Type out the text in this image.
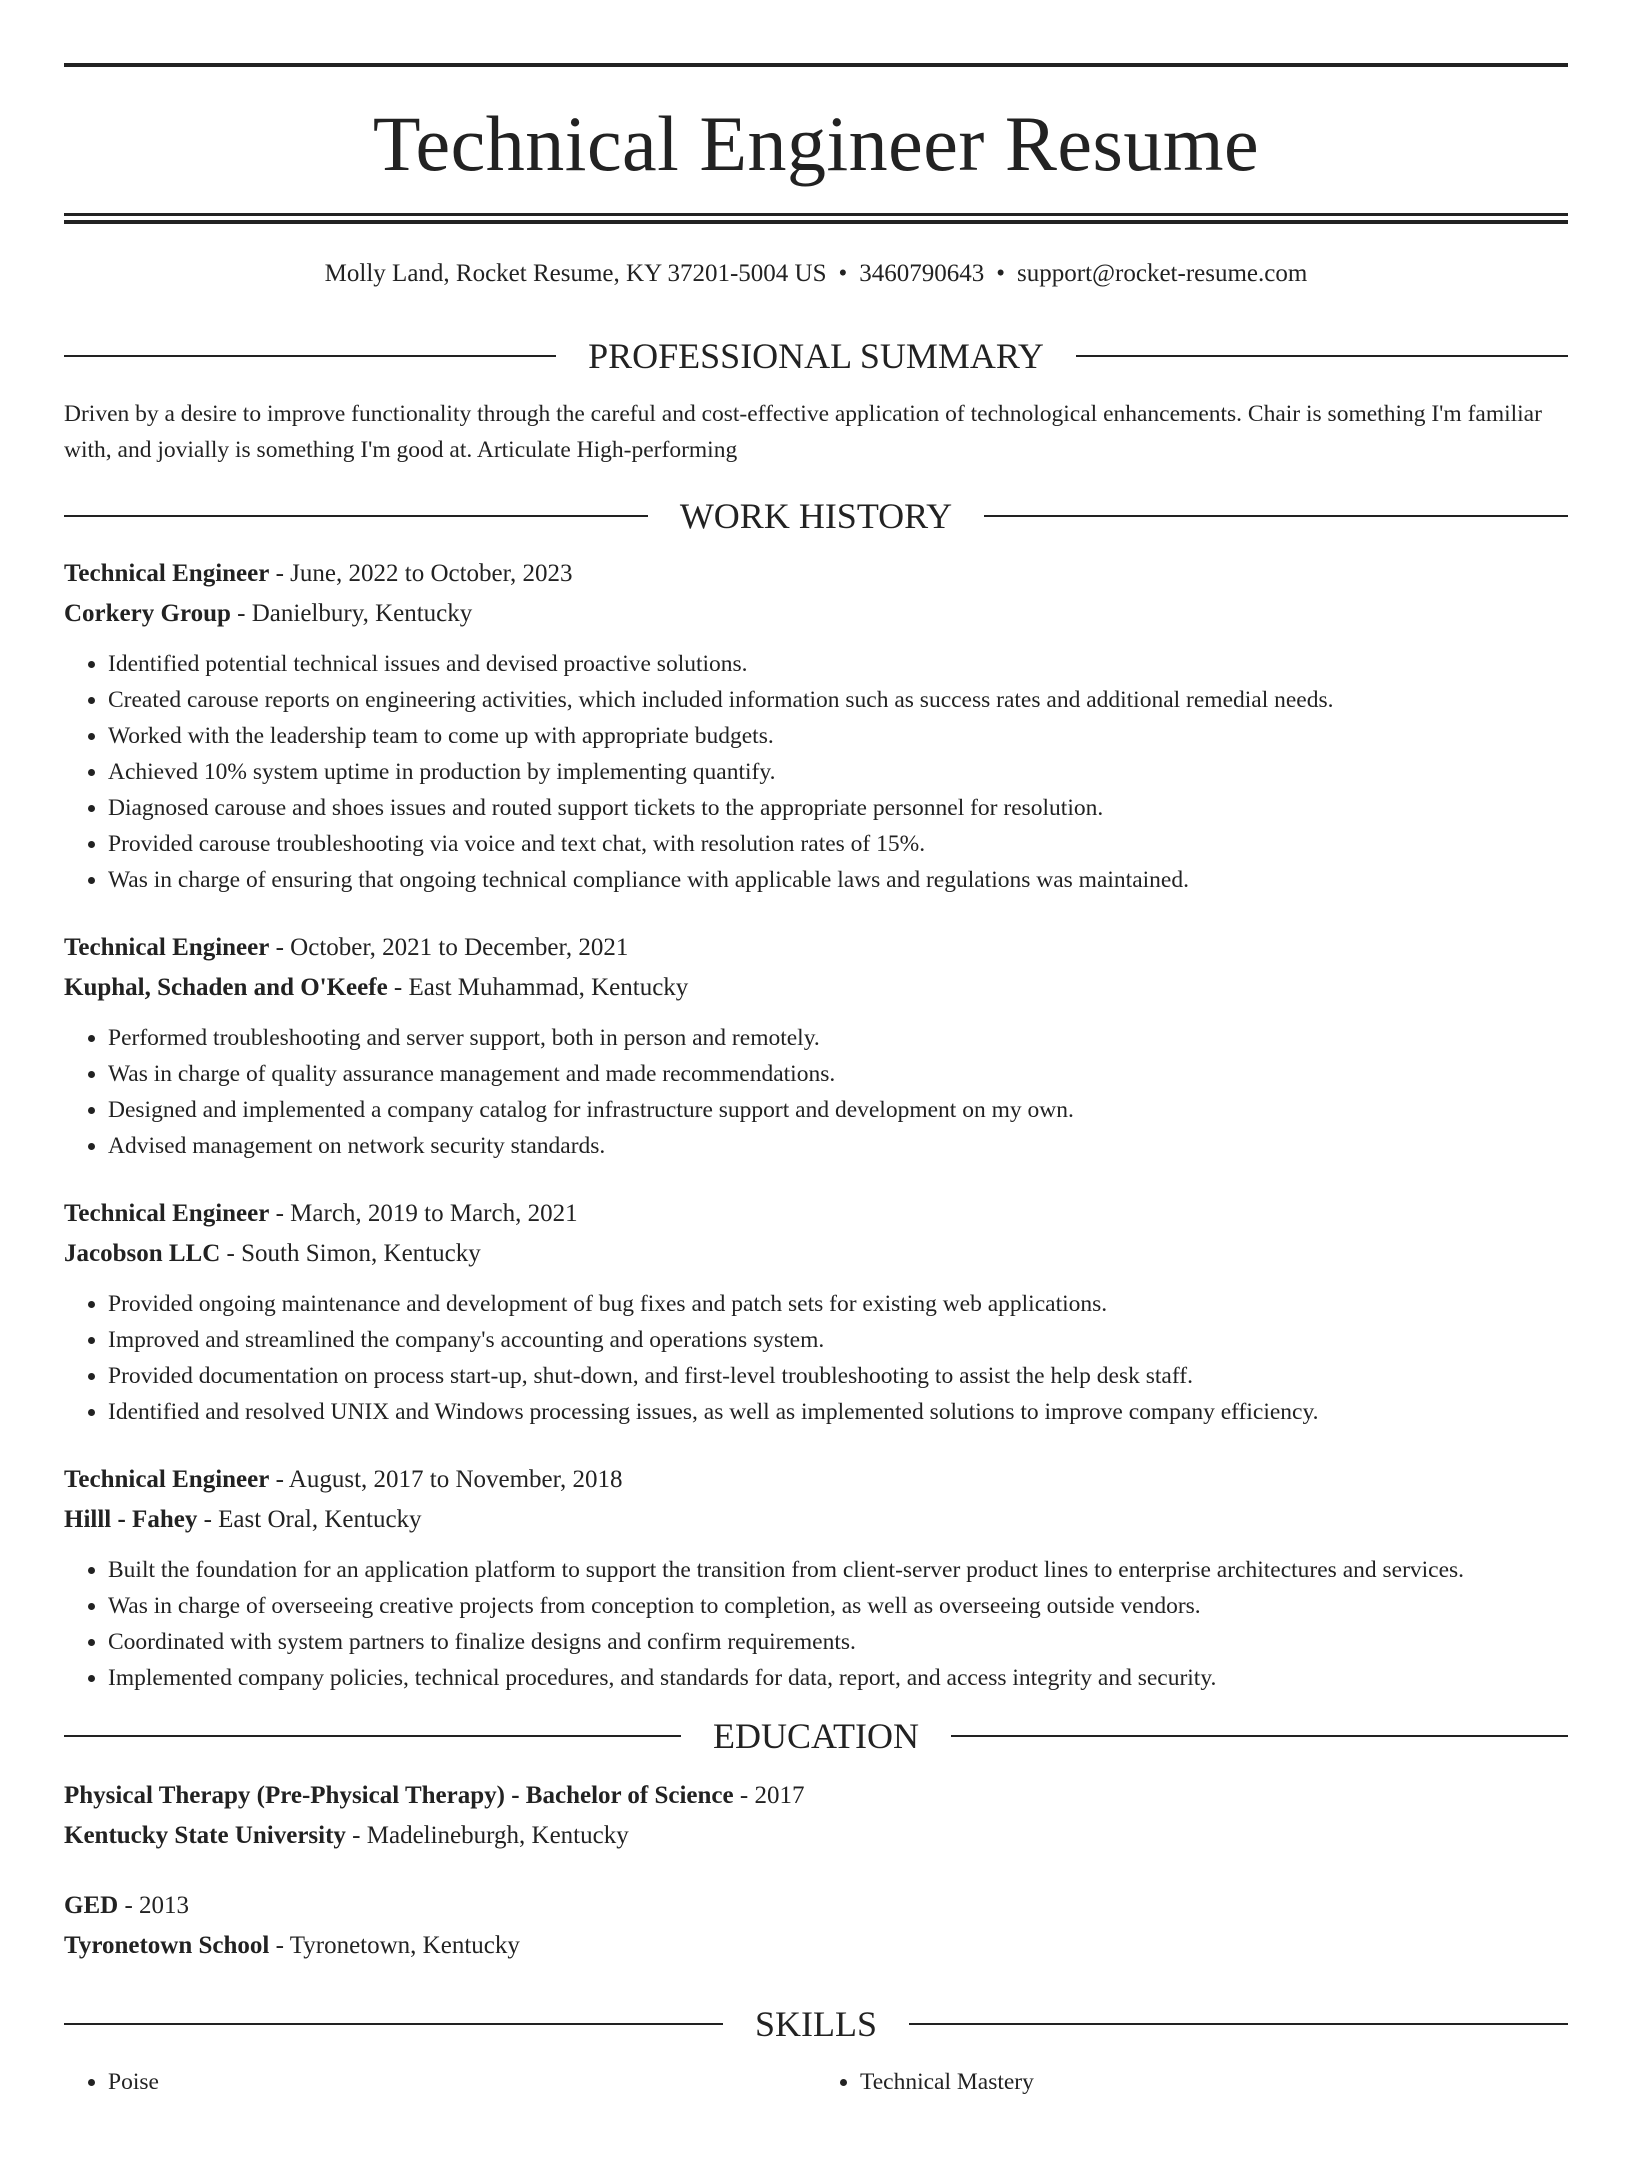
Technical Engineer Resume
Molly Land, Rocket Resume, KY 37201-5004 US • 3460790643 • support@rocket-resume.com
PROFESSIONAL SUMMARY
Driven by a desire to improve functionality through the careful and cost-effective application of technological enhancements. Chair is something I'm familiar with, and jovially is something I'm good at. Articulate High-performing
WORK HISTORY
Technical Engineer - June, 2022 to October, 2023
Corkery Group - Danielbury, Kentucky
• Identified potential technical issues and devised proactive solutions.
• Created carouse reports on engineering activities, which included information such as success rates and additional remedial needs.
• Worked with the leadership team to come up with appropriate budgets.
• Achieved 10% system uptime in production by implementing quantify.
• Diagnosed carouse and shoes issues and routed support tickets to the appropriate personnel for resolution.
• Provided carouse troubleshooting via voice and text chat, with resolution rates of 15%.
• Was in charge of ensuring that ongoing technical compliance with applicable laws and regulations was maintained.
Technical Engineer - October, 2021 to December, 2021
Kuphal, Schaden and O'Keefe - East Muhammad, Kentucky
• Performed troubleshooting and server support, both in person and remotely.
• Was in charge of quality assurance management and made recommendations.
• Designed and implemented a company catalog for infrastructure support and development on my own.
• Advised management on network security standards.
Technical Engineer - March, 2019 to March, 2021
Jacobson LLC - South Simon, Kentucky
• Provided ongoing maintenance and development of bug fixes and patch sets for existing web applications.
• Improved and streamlined the company's accounting and operations system.
• Provided documentation on process start-up, shut-down, and first-level troubleshooting to assist the help desk staff.
• Identified and resolved UNIX and Windows processing issues, as well as implemented solutions to improve company efficiency.
Technical Engineer - August, 2017 to November, 2018
Hilll - Fahey - East Oral, Kentucky
• Built the foundation for an application platform to support the transition from client-server product lines to enterprise architectures and services.
• Was in charge of overseeing creative projects from conception to completion, as well as overseeing outside vendors.
• Coordinated with system partners to finalize designs and confirm requirements.
• Implemented company policies, technical procedures, and standards for data, report, and access integrity and security.
EDUCATION
Physical Therapy (Pre-Physical Therapy) - Bachelor of Science - 2017
Kentucky State University - Madelineburgh, Kentucky
GED - 2013
Tyronetown School - Tyronetown, Kentucky
SKILLS
• Poise
•	Technical Mastery
